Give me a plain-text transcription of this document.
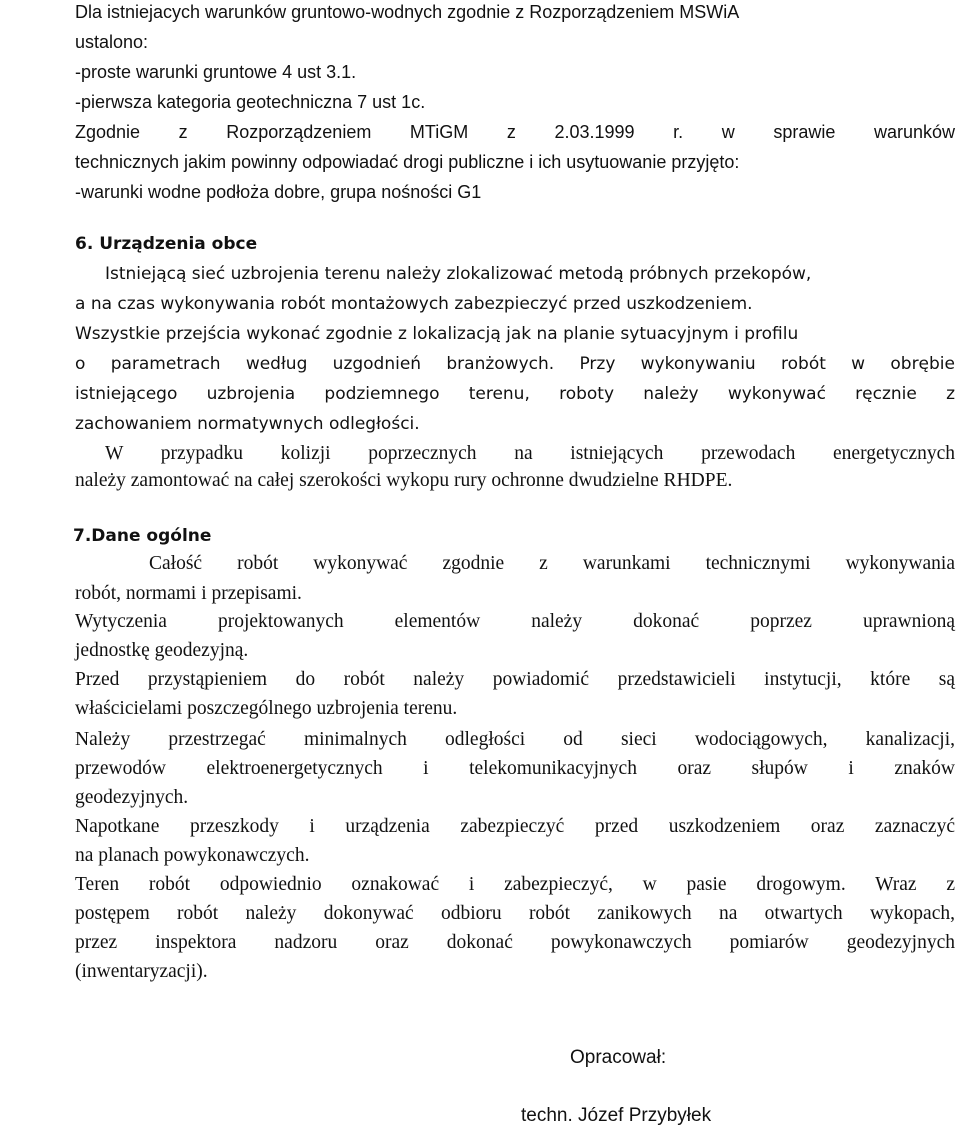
Dla istniejacych warunków gruntowo-wodnych zgodnie z Rozporządzeniem MSWiA
ustalono:
-proste warunki gruntowe 4 ust 3.1.
-pierwsza kategoria geotechniczna 7 ust 1c.
Zgodnie z Rozporządzeniem MTiGM z 2.03.1999 r. w sprawie warunków
technicznych jakim powinny odpowiadać drogi publiczne i ich usytuowanie przyjęto:
-warunki wodne podłoża dobre, grupa nośności G1
6. Urządzenia obce
Istniejącą sieć uzbrojenia terenu należy zlokalizować metodą próbnych przekopów,
a na czas wykonywania robót montażowych zabezpieczyć przed uszkodzeniem.
Wszystkie przejścia wykonać zgodnie z lokalizacją jak na planie sytuacyjnym i profilu
o parametrach według uzgodnień branżowych. Przy wykonywaniu robót w obrębie
istniejącego uzbrojenia podziemnego terenu, roboty należy wykonywać ręcznie z
zachowaniem normatywnych odległości.
W przypadku kolizji poprzecznych na istniejących przewodach energetycznych
należy zamontować na całej szerokości wykopu rury ochronne dwudzielne RHDPE.
7.Dane ogólne
Całość robót wykonywać zgodnie z warunkami technicznymi wykonywania
robót, normami i przepisami.
Wytyczenia projektowanych elementów należy dokonać poprzez uprawnioną
jednostkę geodezyjną.
Przed przystąpieniem do robót należy powiadomić przedstawicieli instytucji, które są
właścicielami poszczególnego uzbrojenia terenu.
Należy przestrzegać minimalnych odległości od sieci wodociągowych, kanalizacji,
przewodów elektroenergetycznych i telekomunikacyjnych oraz słupów i znaków
geodezyjnych.
Napotkane przeszkody i urządzenia zabezpieczyć przed uszkodzeniem oraz zaznaczyć
na planach powykonawczych.
Teren robót odpowiednio oznakować i zabezpieczyć, w pasie drogowym. Wraz z
postępem robót należy dokonywać odbioru robót zanikowych na otwartych wykopach,
przez inspektora nadzoru oraz dokonać powykonawczych pomiarów geodezyjnych
(inwentaryzacji).
Opracował:
techn. Józef Przybyłek
